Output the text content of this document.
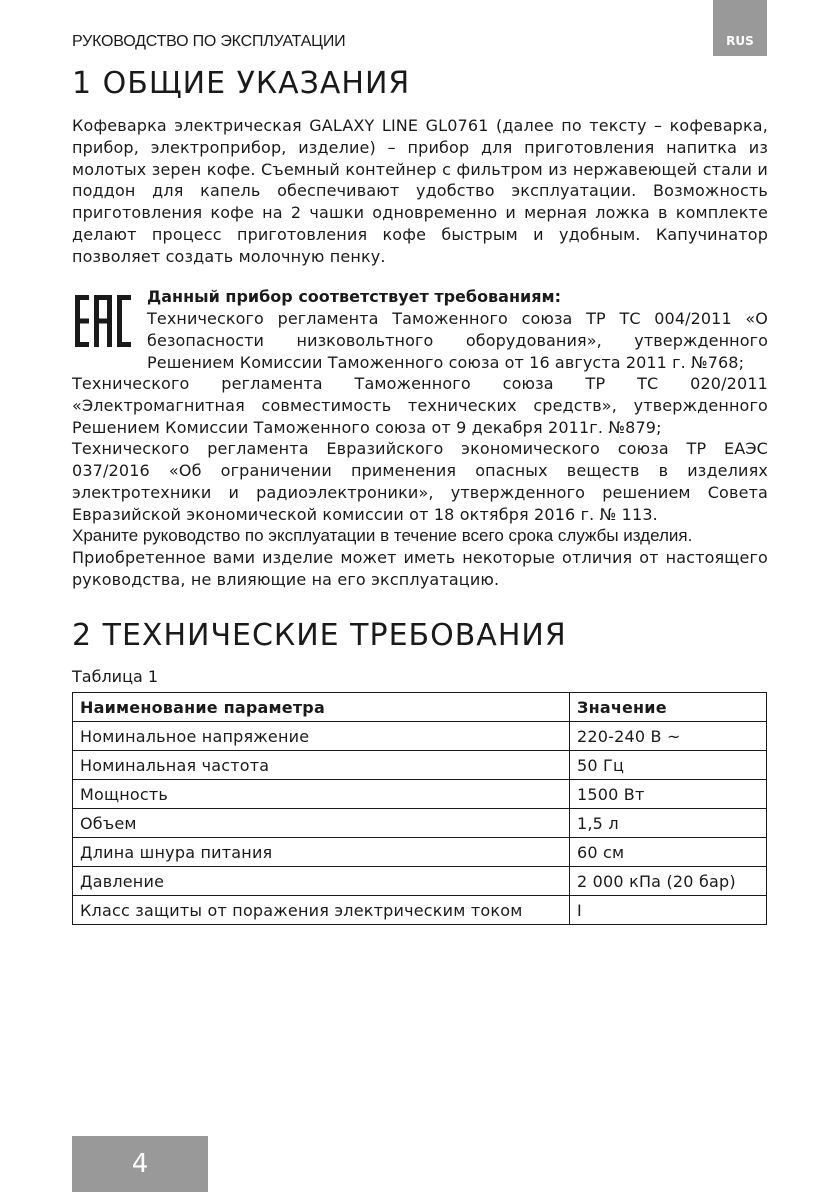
РУКОВОДСТВО ПО ЭКСПЛУАТАЦИИ	RUS
1 ОБЩИЕ УКАЗАНИЯ

Кофеварка электрическая GALAXY LINE GL0761 (далее по тексту – кофеварка, прибор, электроприбор, изделие) – прибор для приготовления напитка из молотых зерен кофе. Съемный контейнер с фильтром из нержавеющей стали и поддон для капель обеспечивают удобство эксплуатации. Возможность приготовления кофе на 2 чашки одновременно и мерная ложка в комплекте делают процесс приготовления кофе быстрым и удобным. Капучинатор позволяет создать молочную пенку.

Данный прибор соответствует требованиям:

Технического регламента Таможенного союза ТР ТС 004/2011 «О безопасности низковольтного оборудования», утвержденного Решением Комиссии Таможенного союза от 16 августа 2011 г. №768;

Технического регламента Таможенного союза ТР ТС 020/2011 «Электромагнитная совместимость технических средств», утвержденного Решением Комиссии Таможенного союза от 9 декабря 2011г. №879;
Технического регламента Евразийского экономического союза ТР ЕАЭС 037/2016 «Об ограничении применения опасных веществ в изделиях электротехники и радиоэлектроники», утвержденного решением Совета Евразийской экономической комиссии от 18 октября 2016 г. № 113.
Храните руководство по эксплуатации в течение всего срока службы изделия.
Приобретенное вами изделие может иметь некоторые отличия от настоящего руководства, не влияющие на его эксплуатацию.
2 ТЕХНИЧЕСКИЕ ТРЕБОВАНИЯ
Таблица 1
Наименование параметра	Значение
Номинальное напряжение	220-240 В ~
Номинальная частота	50 Гц
Мощность	1500 Вт
Объем	1,5 л
Длина шнура питания	60 см
Давление	2 000 кПа (20 бар)
Класс защиты от поражения электрическим током	I
4
